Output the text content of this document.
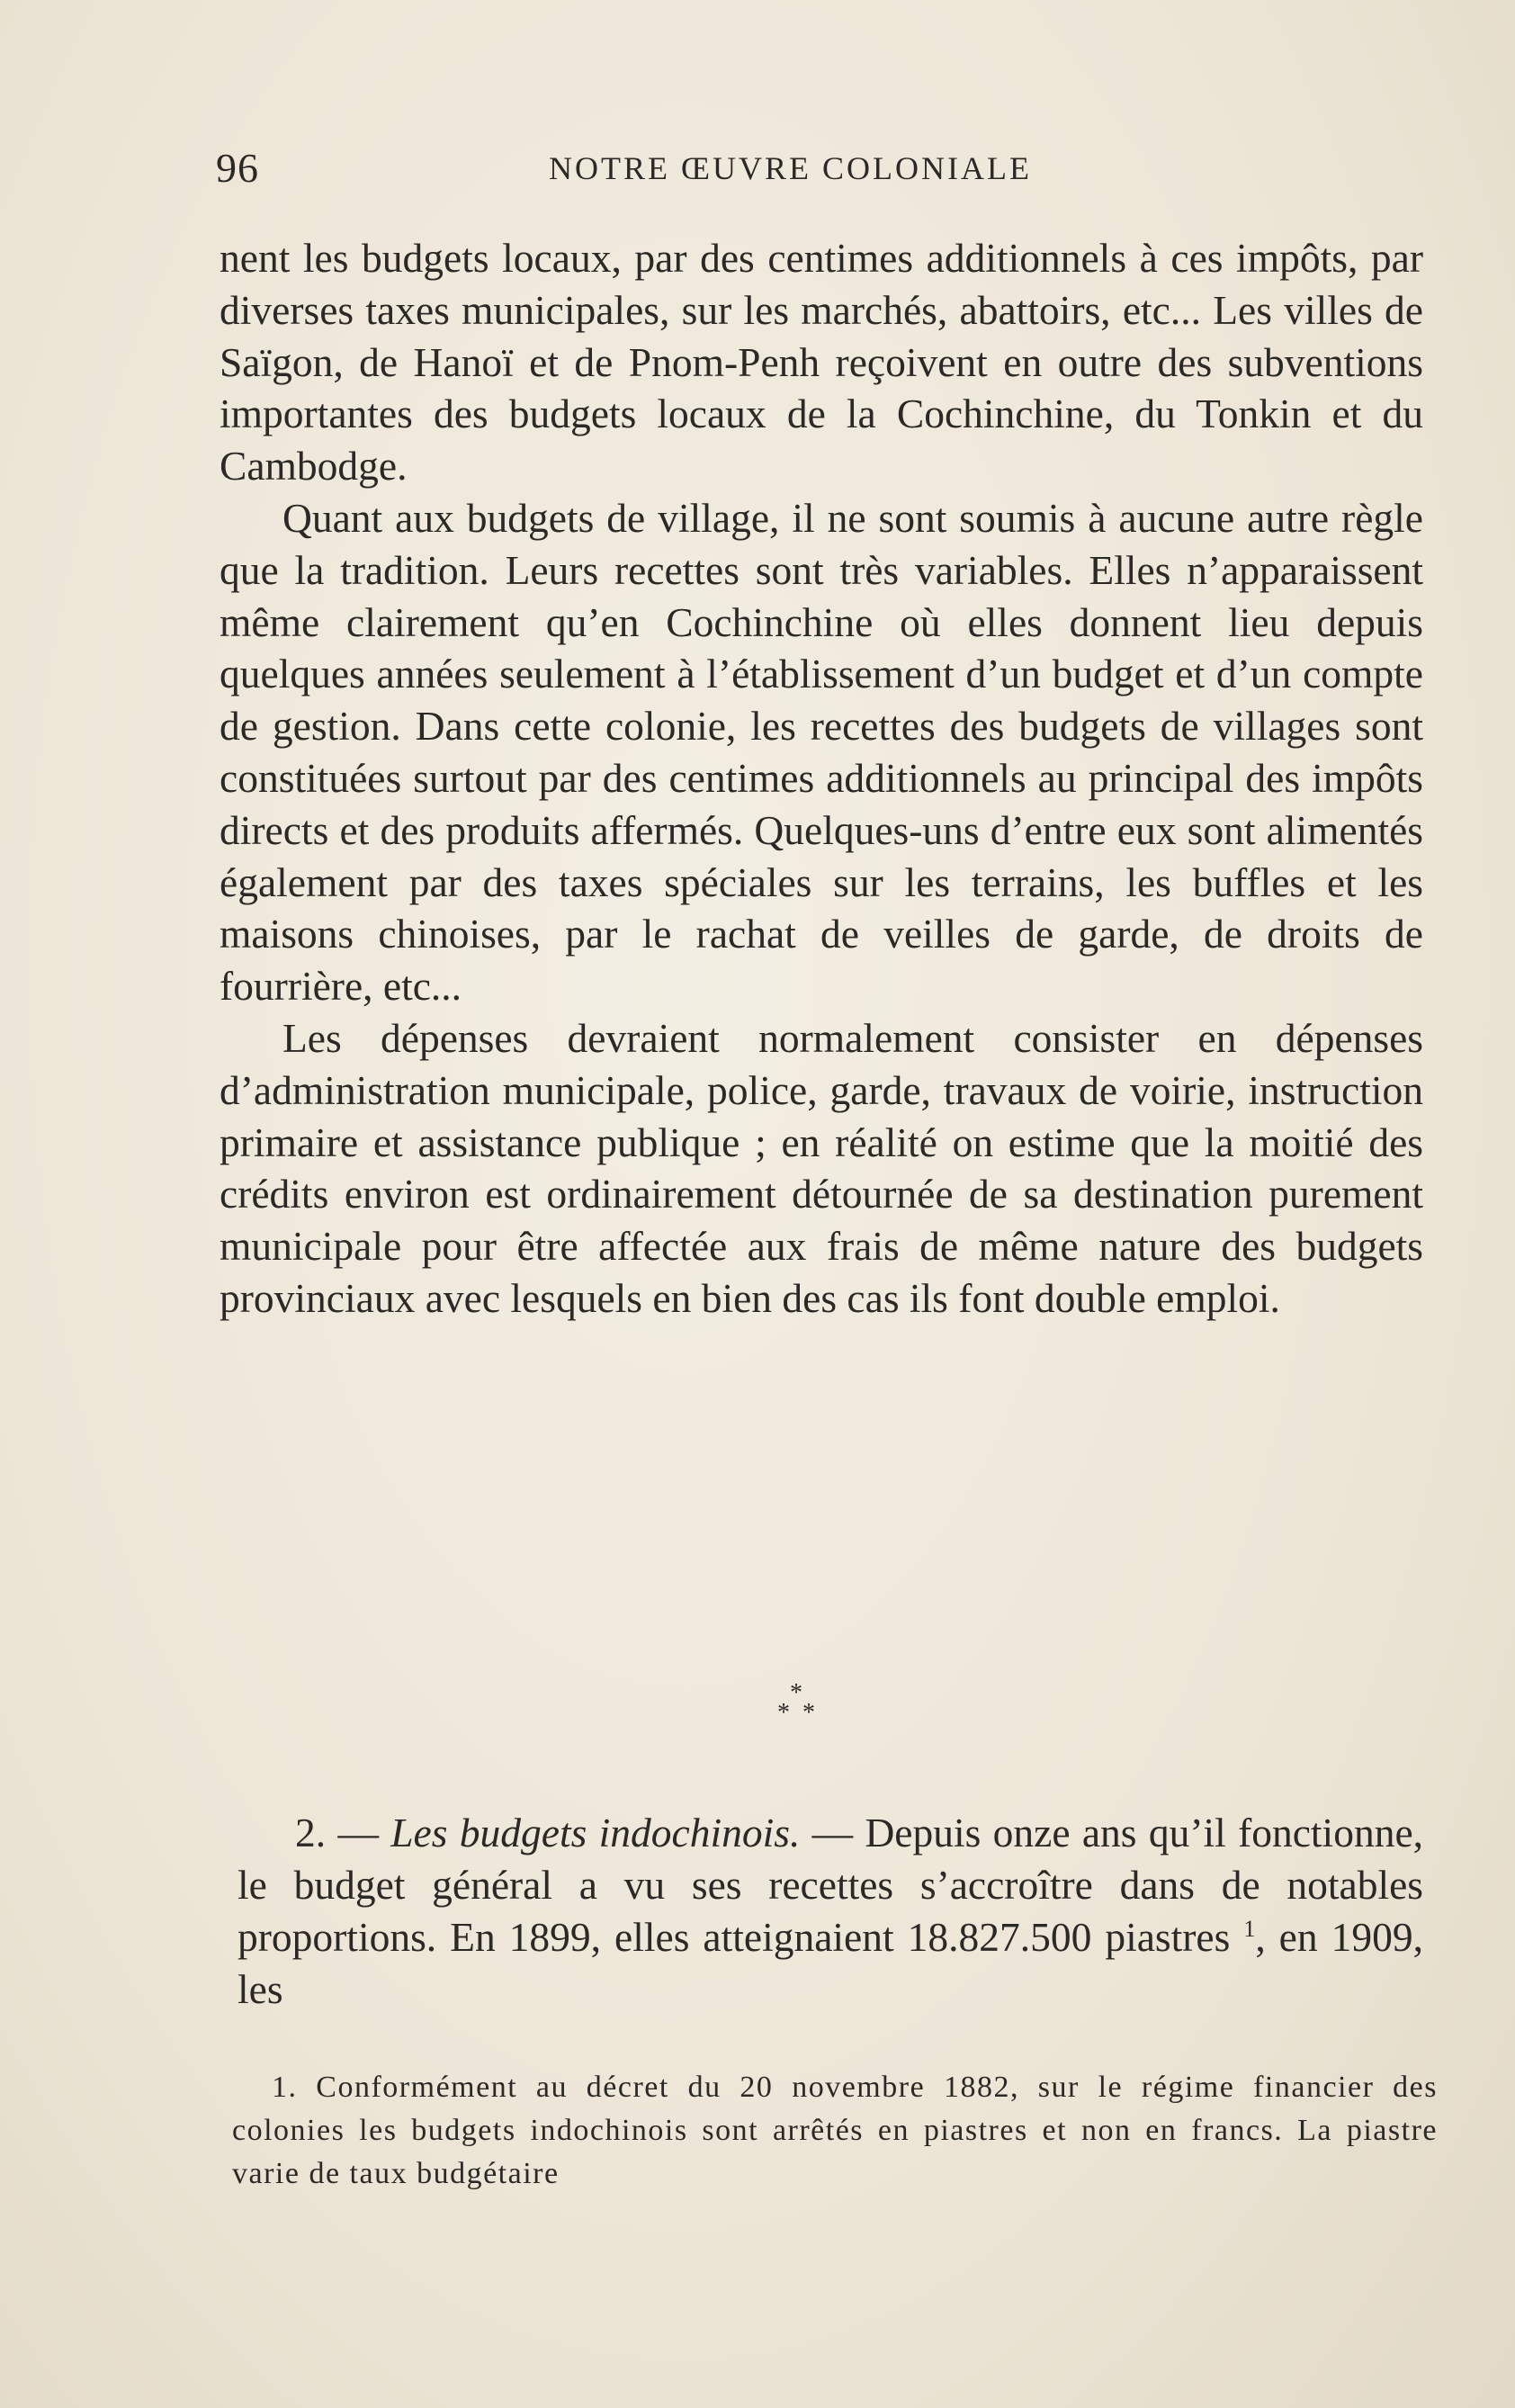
96	NOTRE ŒUVRE COLONIALE

nent les budgets locaux, par des centimes additionnels à ces impôts, par diverses taxes municipales, sur les marchés, abattoirs, etc... Les villes de Saïgon, de Hanoï et de Pnom-Penh reçoivent en outre des subventions importantes des budgets locaux de la Cochinchine, du Tonkin et du Cambodge.

Quant aux budgets de village, il ne sont soumis à aucune autre règle que la tradition. Leurs recettes sont très variables. Elles n’apparaissent même clairement qu’en Cochinchine où elles donnent lieu depuis quelques années seulement à l’établissement d’un budget et d’un compte de gestion. Dans cette colonie, les recettes des budgets de villages sont constituées surtout par des centimes additionnels au principal des impôts directs et des produits affermés. Quelques-uns d’entre eux sont alimentés également par des taxes spéciales sur les terrains, les buffles et les maisons chinoises, par le rachat de veilles de garde, de droits de fourrière, etc...

Les dépenses devraient normalement consister en dépenses d’administration municipale, police, garde, travaux de voirie, instruction primaire et assistance publique ; en réalité on estime que la moitié des crédits environ est ordinairement détournée de sa destination purement municipale pour être affectée aux frais de même nature des budgets provinciaux avec lesquels en bien des cas ils font double emploi.

*
* *

2. — Les budgets indochinois. — Depuis onze ans qu’il fonctionne, le budget général a vu ses recettes s’accroître dans de notables proportions. En 1899, elles atteignaient 18.827.500 piastres $^1$, en 1909, les

1. Conformément au décret du 20 novembre 1882, sur le régime financier des colonies les budgets indochinois sont arrêtés en piastres et non en francs. La piastre varie de taux budgétaire
